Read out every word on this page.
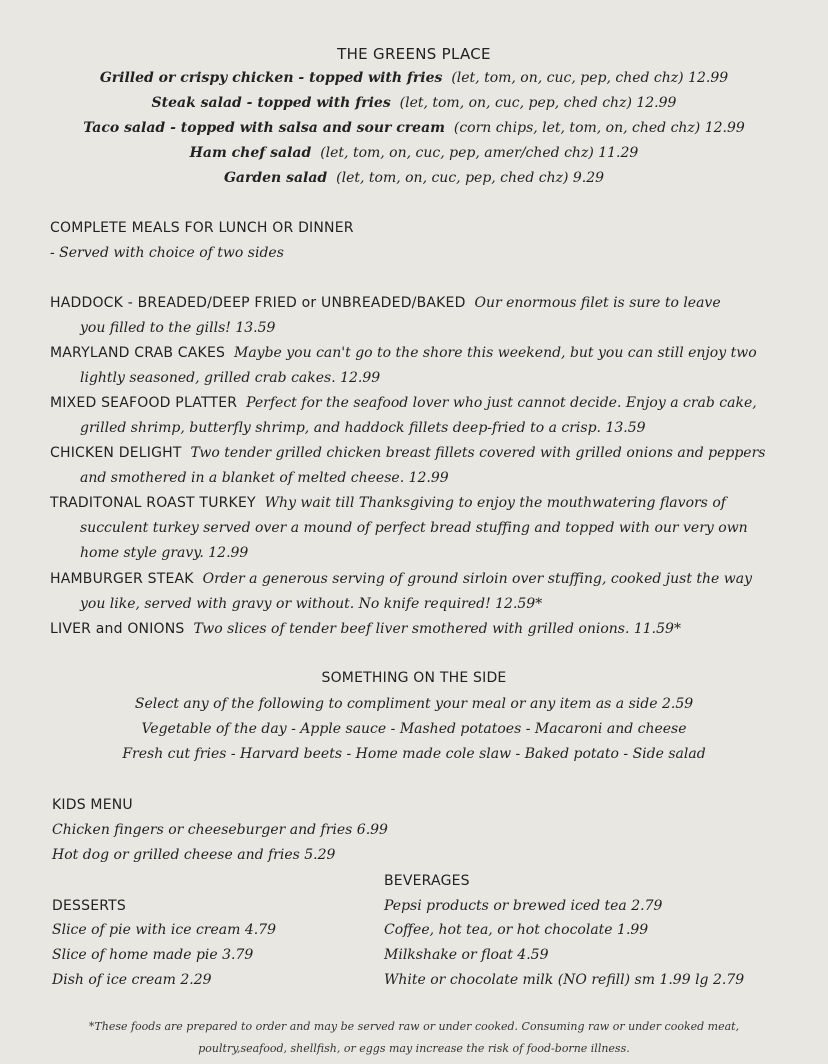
THE GREENS PLACE
Grilled or crispy chicken - topped with fries (let, tom, on, cuc, pep, ched chz) 12.99
Steak salad - topped with fries (let, tom, on, cuc, pep, ched chz) 12.99
Taco salad - topped with salsa and sour cream (corn chips, let, tom, on, ched chz) 12.99
Ham chef salad (let, tom, on, cuc, pep, amer/ched chz) 11.29
Garden salad (let, tom, on, cuc, pep, ched chz) 9.29
COMPLETE MEALS FOR LUNCH OR DINNER
- Served with choice of two sides
HADDOCK - BREADED/DEEP FRIED or UNBREADED/BAKED Our enormous filet is sure to leave
you filled to the gills! 13.59
MARYLAND CRAB CAKES Maybe you can't go to the shore this weekend, but you can still enjoy two
lightly seasoned, grilled crab cakes. 12.99
MIXED SEAFOOD PLATTER Perfect for the seafood lover who just cannot decide. Enjoy a crab cake,
grilled shrimp, butterfly shrimp, and haddock fillets deep-fried to a crisp. 13.59
CHICKEN DELIGHT Two tender grilled chicken breast fillets covered with grilled onions and peppers
and smothered in a blanket of melted cheese. 12.99
TRADITONAL ROAST TURKEY Why wait till Thanksgiving to enjoy the mouthwatering flavors of
succulent turkey served over a mound of perfect bread stuffing and topped with our very own
home style gravy. 12.99
HAMBURGER STEAK Order a generous serving of ground sirloin over stuffing, cooked just the way
you like, served with gravy or without. No knife required! 12.59*
LIVER and ONIONS Two slices of tender beef liver smothered with grilled onions. 11.59*
SOMETHING ON THE SIDE
Select any of the following to compliment your meal or any item as a side 2.59
Vegetable of the day - Apple sauce - Mashed potatoes - Macaroni and cheese
Fresh cut fries - Harvard beets - Home made cole slaw - Baked potato - Side salad
KIDS MENU
Chicken fingers or cheeseburger and fries 6.99
Hot dog or grilled cheese and fries 5.29
BEVERAGES
Pepsi products or brewed iced tea 2.79
Coffee, hot tea, or hot chocolate 1.99
Milkshake or float 4.59
White or chocolate milk (NO refill) sm 1.99 lg 2.79
DESSERTS
Slice of pie with ice cream 4.79
Slice of home made pie 3.79
Dish of ice cream 2.29
*These foods are prepared to order and may be served raw or under cooked. Consuming raw or under cooked meat,
poultry,seafood, shellfish, or eggs may increase the risk of food-borne illness.
